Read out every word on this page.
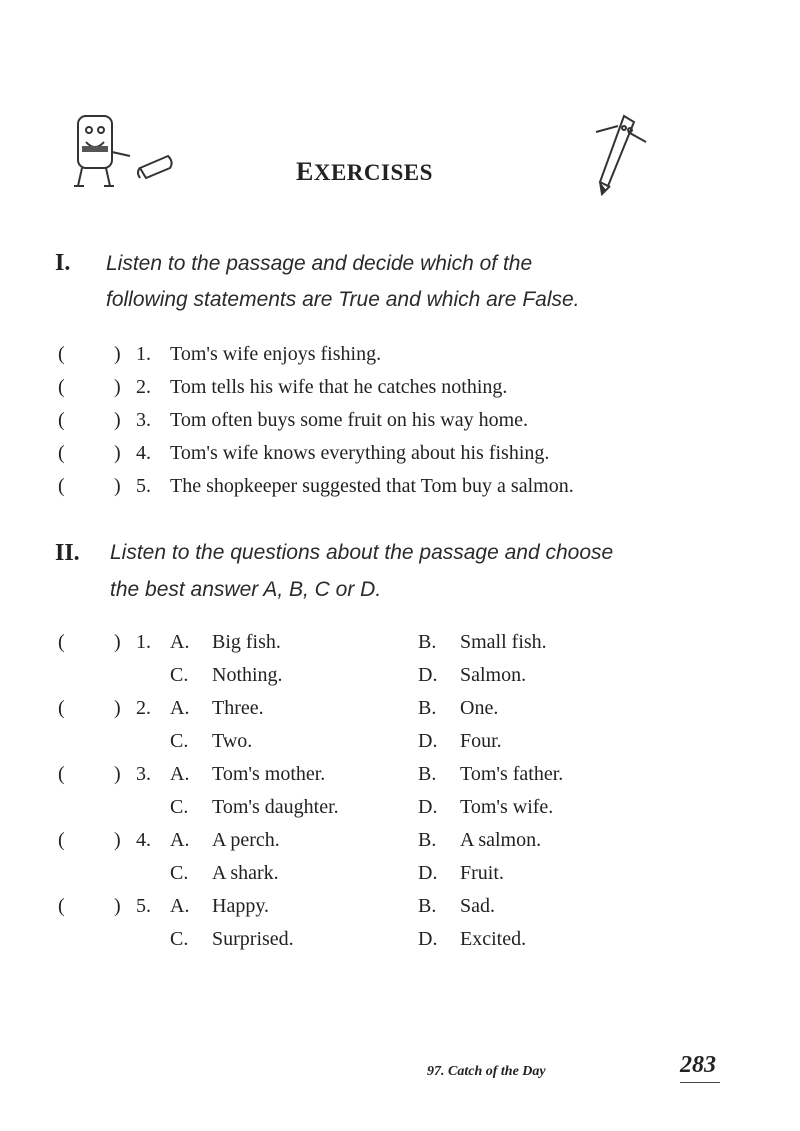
EXERCISES
I. Listen to the passage and decide which of the
following statements are True and which are False.
(	) 1. Tom's wife enjoys fishing.
(	) 2. Tom tells his wife that he catches nothing.
(	) 3. Tom often buys some fruit on his way home.
(	) 4. Tom's wife knows everything about his fishing.
(	) 5. The shopkeeper suggested that Tom buy a salmon.
II. Listen to the questions about the passage and choose
the best answer A, B, C or D.
(	) 1. A.	Big fish.	B.	Small fish.
C.	Nothing.	D.	Salmon.
(	) 2. A.	Three.	B.	One.
C.	Two.	D.	Four.
(	) 3. A.	Tom's mother.	B.	Tom's father.
C.	Tom's daughter.	D.	Tom's wife.
(	) 4. A.	A perch.	B.	A salmon.
C.	A shark.	D.	Fruit.
(	) 5. A.	Happy.	B.	Sad.
C.	Surprised.	D.	Excited.
97. Catch of the Day	283
